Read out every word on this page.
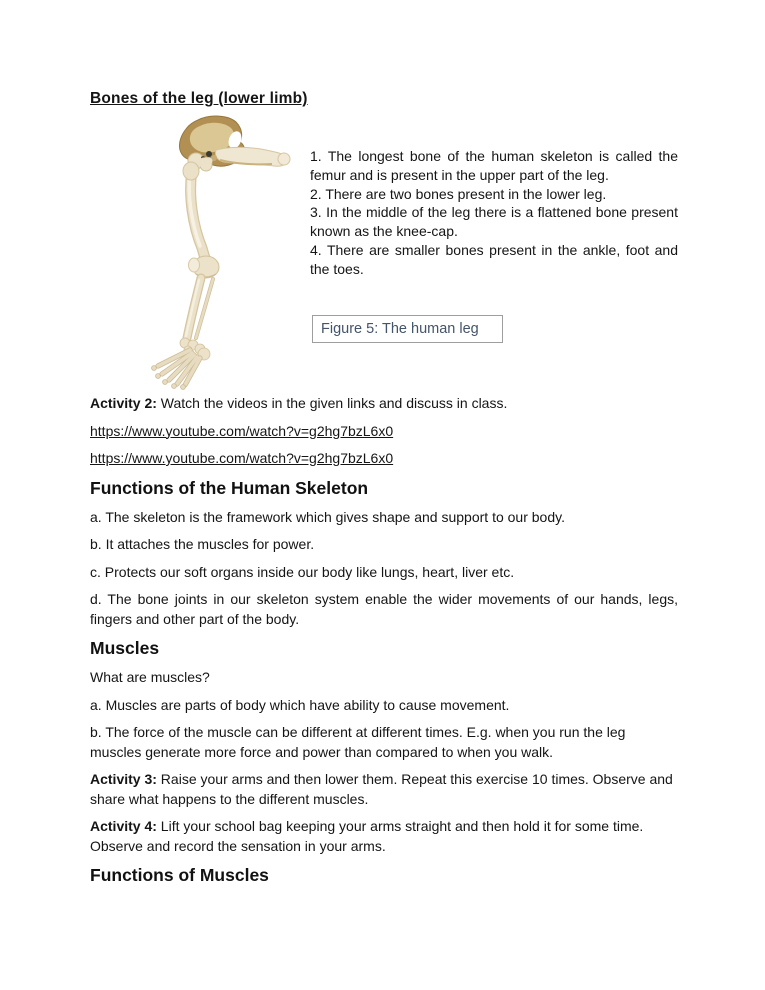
Bones of the leg (lower limb)

1. The longest bone of the human skeleton is called the femur and is present in the upper part of the leg.

2. There are two bones present in the lower leg.

3. In the middle of the leg there is a flattened bone present known as the knee-cap.

4. There are smaller bones present in the ankle, foot and the toes.

Figure 5: The human leg

Activity 2: Watch the videos in the given links and discuss in class.

https://www.youtube.com/watch?v=g2hg7bzL6x0

https://www.youtube.com/watch?v=g2hg7bzL6x0

Functions of the Human Skeleton

a. The skeleton is the framework which gives shape and support to our body.

b. It attaches the muscles for power.

c. Protects our soft organs inside our body like lungs, heart, liver etc.

d. The bone joints in our skeleton system enable the wider movements of our hands, legs, fingers and other part of the body.

Muscles

What are muscles?

a. Muscles are parts of body which have ability to cause movement.

b. The force of the muscle can be different at different times. E.g. when you run the leg muscles generate more force and power than compared to when you walk.

Activity 3: Raise your arms and then lower them. Repeat this exercise 10 times. Observe and share what happens to the different muscles.

Activity 4: Lift your school bag keeping your arms straight and then hold it for some time. Observe and record the sensation in your arms.

Functions of Muscles
